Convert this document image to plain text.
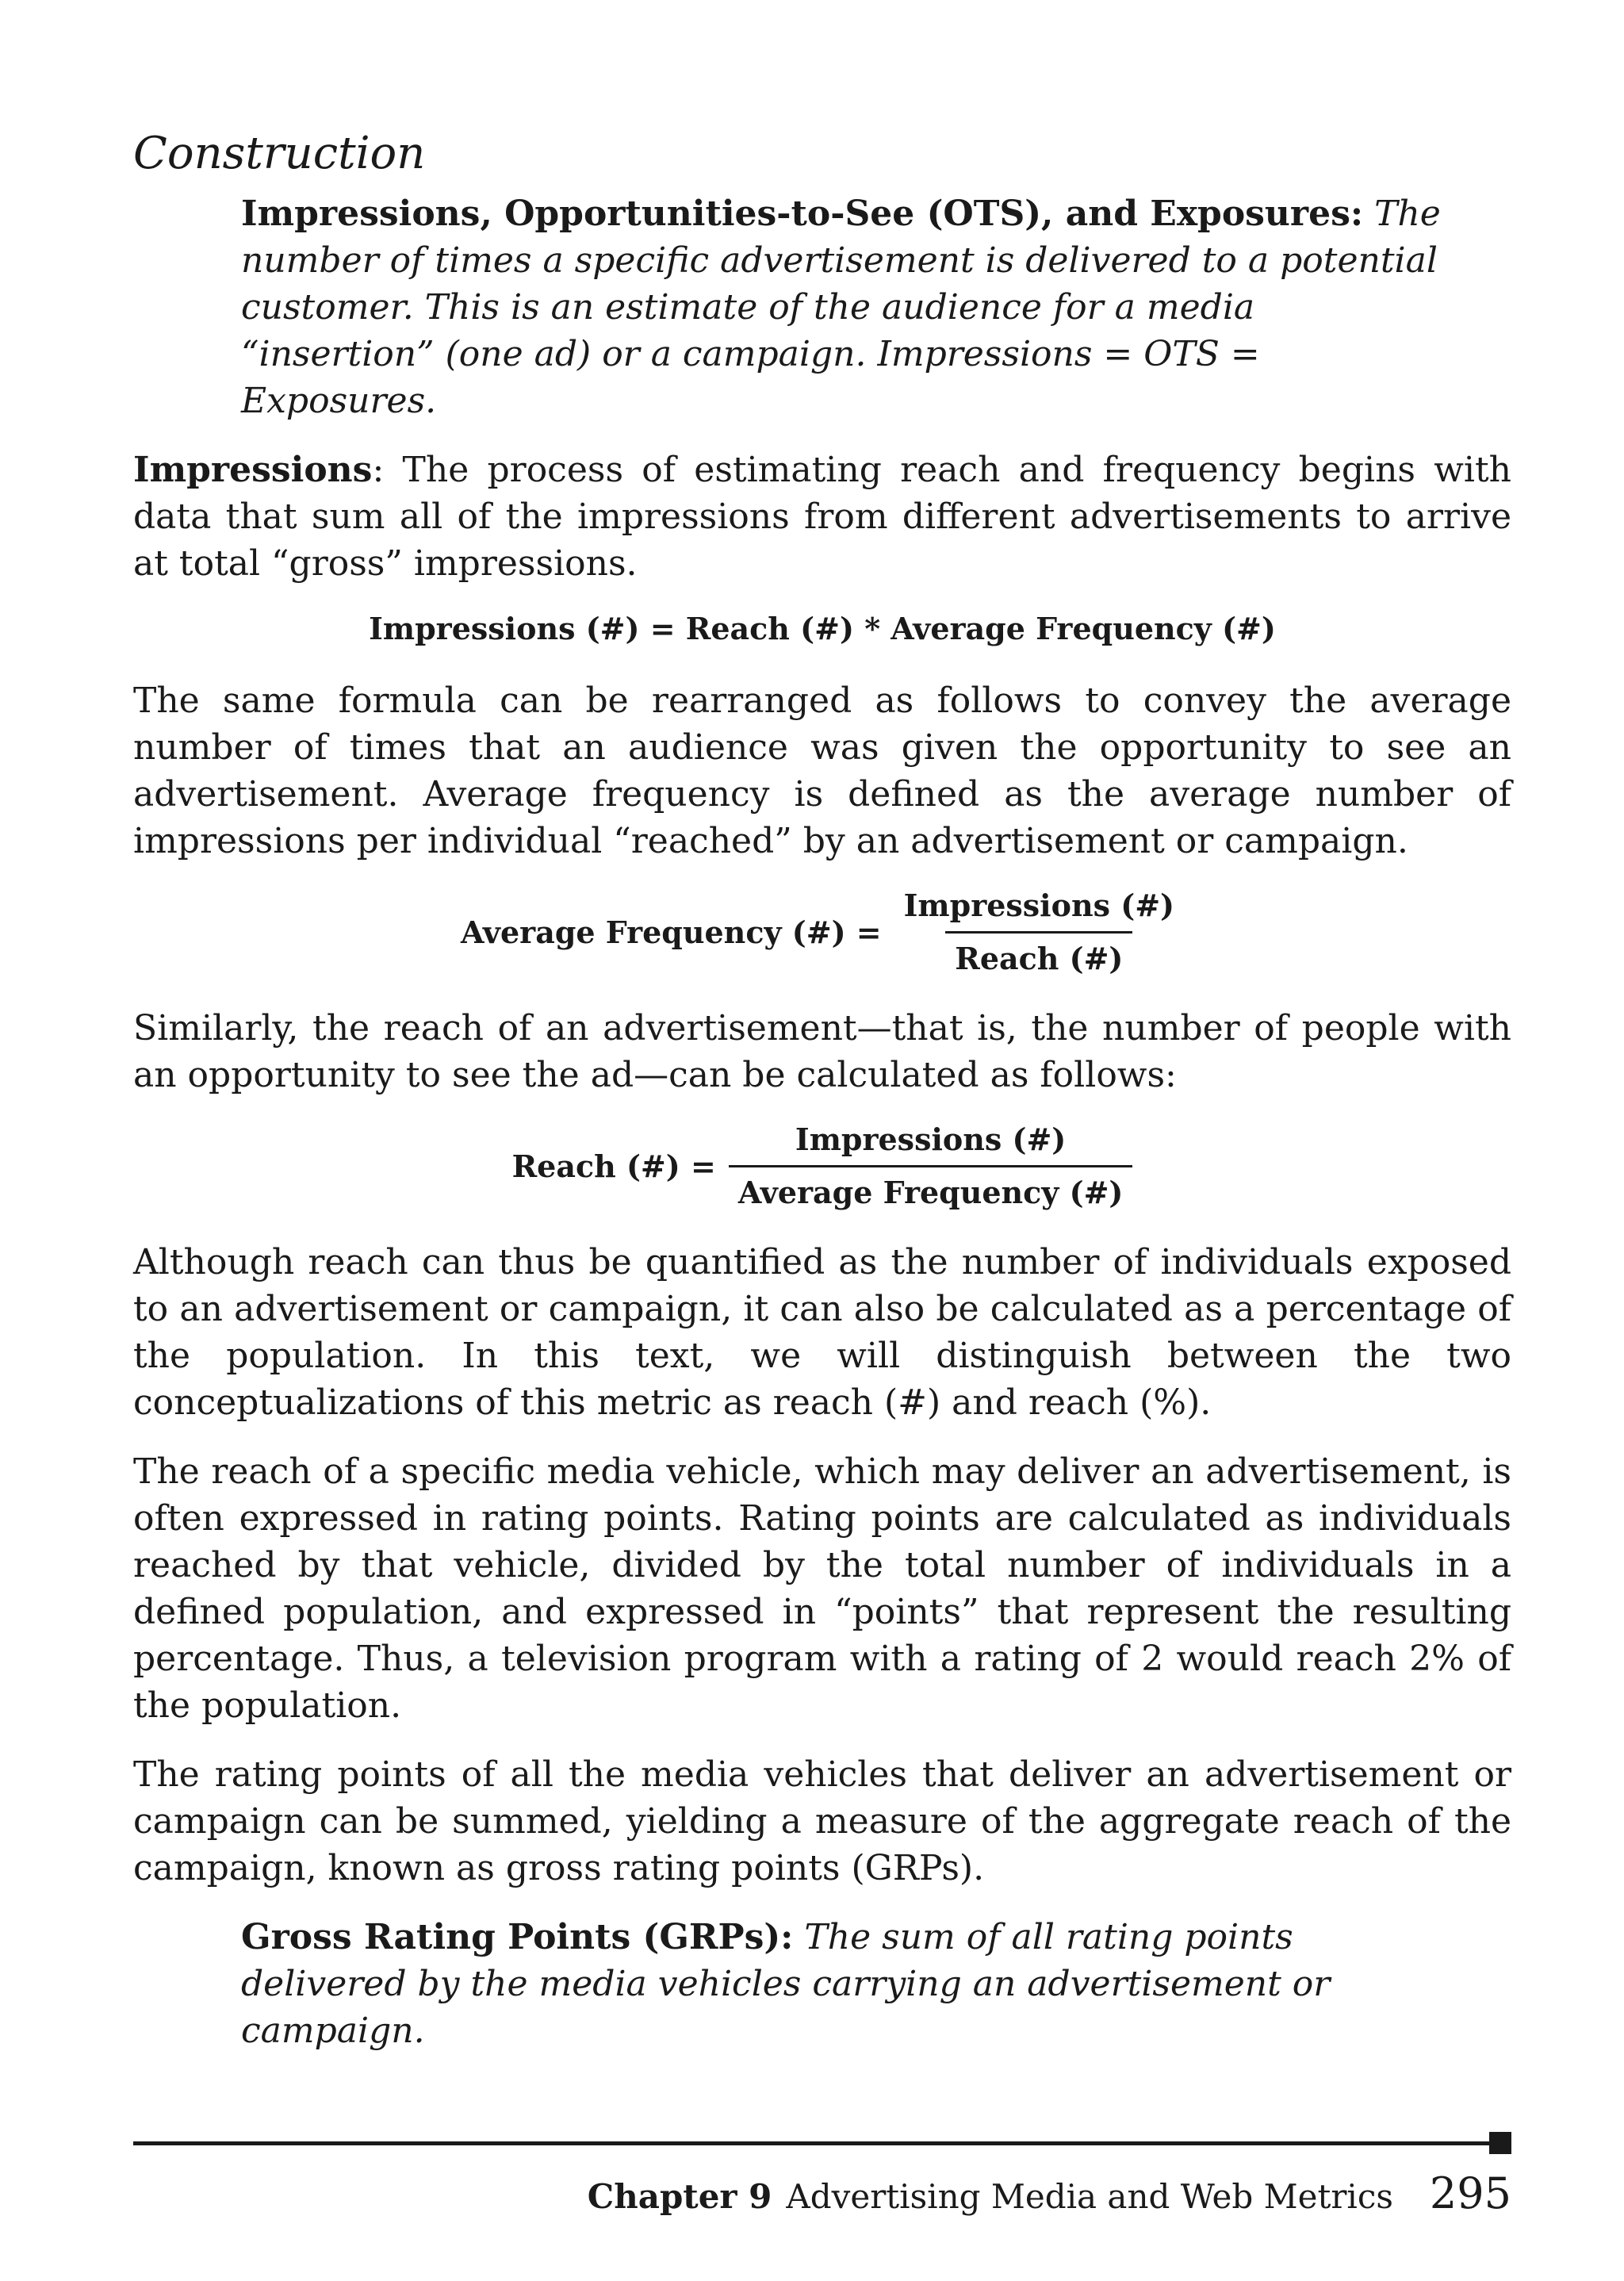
Construction
Impressions, Opportunities-to-See (OTS), and Exposures: The number of times a specific advertisement is delivered to a potential customer. This is an estimate of the audience for a media “insertion” (one ad) or a campaign. Impressions = OTS = Exposures.

Impressions: The process of estimating reach and frequency begins with data that sum all of the impressions from different advertisements to arrive at total “gross” impressions.

Impressions (#) = Reach (#) * Average Frequency (#)

The same formula can be rearranged as follows to convey the average number of times that an audience was given the opportunity to see an advertisement. Average frequency is defined as the average number of impressions per individual “reached” by an advertisement or campaign.

Average Frequency (#) = $\frac{\text{Impressions (\#)}}{\text{Reach (\#)}}$

Similarly, the reach of an advertisement—that is, the number of people with an opportunity to see the ad—can be calculated as follows:

Reach (#) = $\frac{\text{Impressions (\#)}}{\text{Average Frequency (\#)}}$

Although reach can thus be quantified as the number of individuals exposed to an advertisement or campaign, it can also be calculated as a percentage of the population. In this text, we will distinguish between the two conceptualizations of this metric as reach (#) and reach (%).

The reach of a specific media vehicle, which may deliver an advertisement, is often expressed in rating points. Rating points are calculated as individuals reached by that vehicle, divided by the total number of individuals in a defined population, and expressed in “points” that represent the resulting percentage. Thus, a television program with a rating of 2 would reach 2% of the population.

The rating points of all the media vehicles that deliver an advertisement or campaign can be summed, yielding a measure of the aggregate reach of the campaign, known as gross rating points (GRPs).

Gross Rating Points (GRPs): The sum of all rating points delivered by the media vehicles carrying an advertisement or campaign.
Chapter 9 Advertising Media and Web Metrics 295
